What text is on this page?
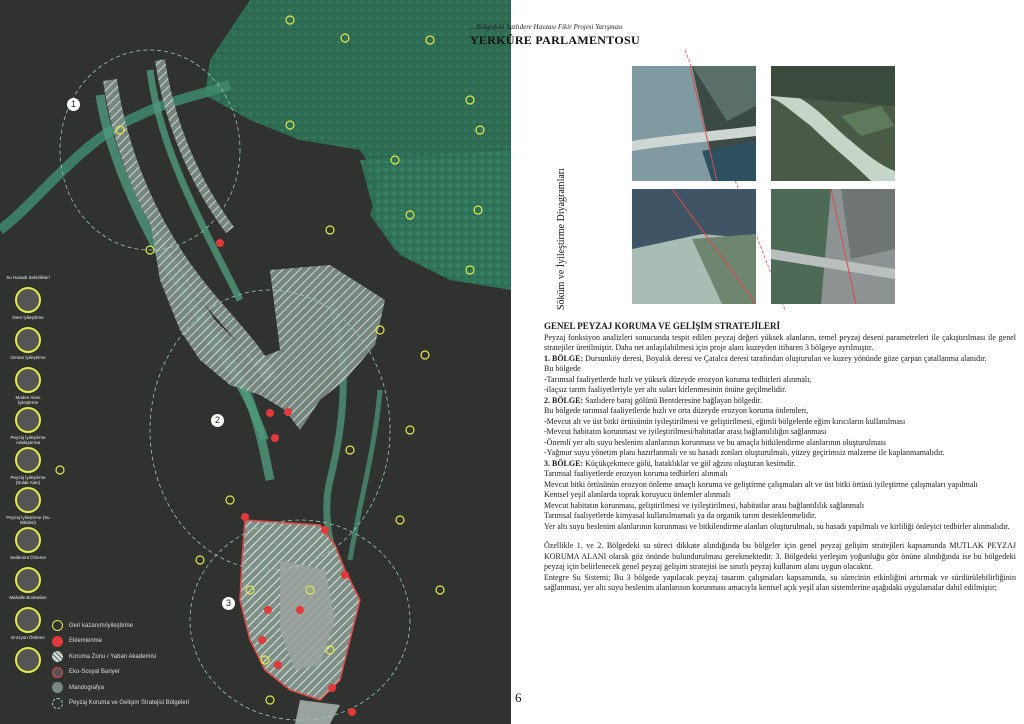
1
2
3
Su Hasadı Sekizlikleri
Dere İyileştirme
Orman İyileştirme
Maden Alanı İyileştirme
Peyzaj İyileştirme Adalaştırma
Peyzaj İyileştirme (Sulak Alan)
Peyzaj İyileştirme (Su Bitkileri)
Sediment Önleme
Mahalle Bostanları
Erozyon Önleme
Geri kazanım/iyileştirme
Eklemlenme
Koruma Zonu / Yaban Akademisi
Eko-Sosyal Bariyer
Mandografya
Peyzaj Koruma ve Gelişim Stratejisi Bölgeleri
...Bölgedeki Sazlıdere Havzası Fikir Projesi Yarışması
YERKÜRE PARLAMENTOSU
Söküm ve İyileştirme Diyagramları

GENEL PEYZAJ KORUMA VE GELİŞİM STRATEJİLERİ

Peyzaj fonksiyon analizleri sonucunda tespit edilen peyzaj değeri yüksek alanların, temel peyzaj deseni parametreleri ile çakıştırılması ile genel stratejiler üretilmiştir. Daha net anlaşılabilmesi için proje alanı kuzeyden itibaren 3 bölgeye ayrılmıştır.

1. BÖLGE: Dursunköy deresi, Boyalık deresi ve Çatalca deresi tarafından oluşturulan ve kuzey yönünde göze çarpan çatallanma alanıdır.

Bu bölgede

-Tarımsal faaliyetlerde hızlı ve yüksek düzeyde erozyon koruma tedbirleri alınmalı,

-ilaçsız tarım faaliyetleriyle yer altı suları kirlenmesinin önüne geçilmelidir.

2. BÖLGE: Sazlıdere baraj gölünü Bentderesine bağlayan bölgedir.

Bu bölgede tarımsal faaliyetlerde hızlı ve orta düzeyde erozyon koruma önlemleri,

-Mevcut alt ve üst bitki örtüsünün iyileştirilmesi ve geliştirilmesi, eğimli bölgelerde eğim kırıcıların kullanılması

-Mevcut habitatın korunması ve iyileştirilmesi/habitatlar arası bağlantılılığın sağlanması

-Önemli yer altı suyu beslenim alanlarının korunması ve bu amaçla bitkilendirme alanlarının oluşturulması

-Yağmur suyu yönetim planı hazırlanmalı ve su hasadı zonları oluşturulmalı, yüzey geçirimsiz malzeme ile kaplanmamalıdır.

3. BÖLGE: Küçükçekmece gölü, bataklıklar ve göl ağzını oluşturan kesimdir.

Tarımsal faaliyetlerde erozyon koruma tedbirleri alınmalı

Mevcut bitki örtüsünün erozyon önleme amaçlı koruma ve geliştirme çalışmaları alt ve üst bitki örtüsü iyileştirme çalışmaları yapılmalı

Kentsel yeşil alanlarda toprak koruyucu önlemler alınmalı

Mevcut habitatın korunması, geliştirilmesi ve iyileştirilmesi, habitatlar arası bağlantılılık sağlanmalı

Tarımsal faaliyetlerde kimyasal kullanılmamalı ya da organik tarım desteklenmelidir.

Yer altı suyu beslenim alanlarının korunması ve bitkilendirme alanları oluşturulmalı, su hasadı yapılmalı ve kirliliği önleyici tedbirler alınmalıdır.

Özellikle 1. ve 2. Bölgedeki su süreci dikkate alındığında bu bölgeler için genel peyzaj gelişim stratejileri kapsamında MUTLAK PEYZAJ KORUMA ALANI olarak göz önünde bulundurulması gerekmektedir. 3. Bölgedeki yerleşim yoğunluğu göz önüne alındığında ise bu bölgedeki peyzaj için belirlenecek genel peyzaj gelişim stratejisi ise sınırlı peyzaj kullanım alanı uygun olacaktır.

Entegre Su Sistemi; Bu 3 bölgede yapılacak peyzaj tasarım çalışmaları kapsamında, su sürecinin etkinliğini artırmak ve sürdürülebilirliğinin sağlanması, yer altı suyu beslenim alanlarının korunması amacıyla kentsel açık yeşil alan sistemlerine aşağıdaki uygulamalar dahil edilmiştir;

6
